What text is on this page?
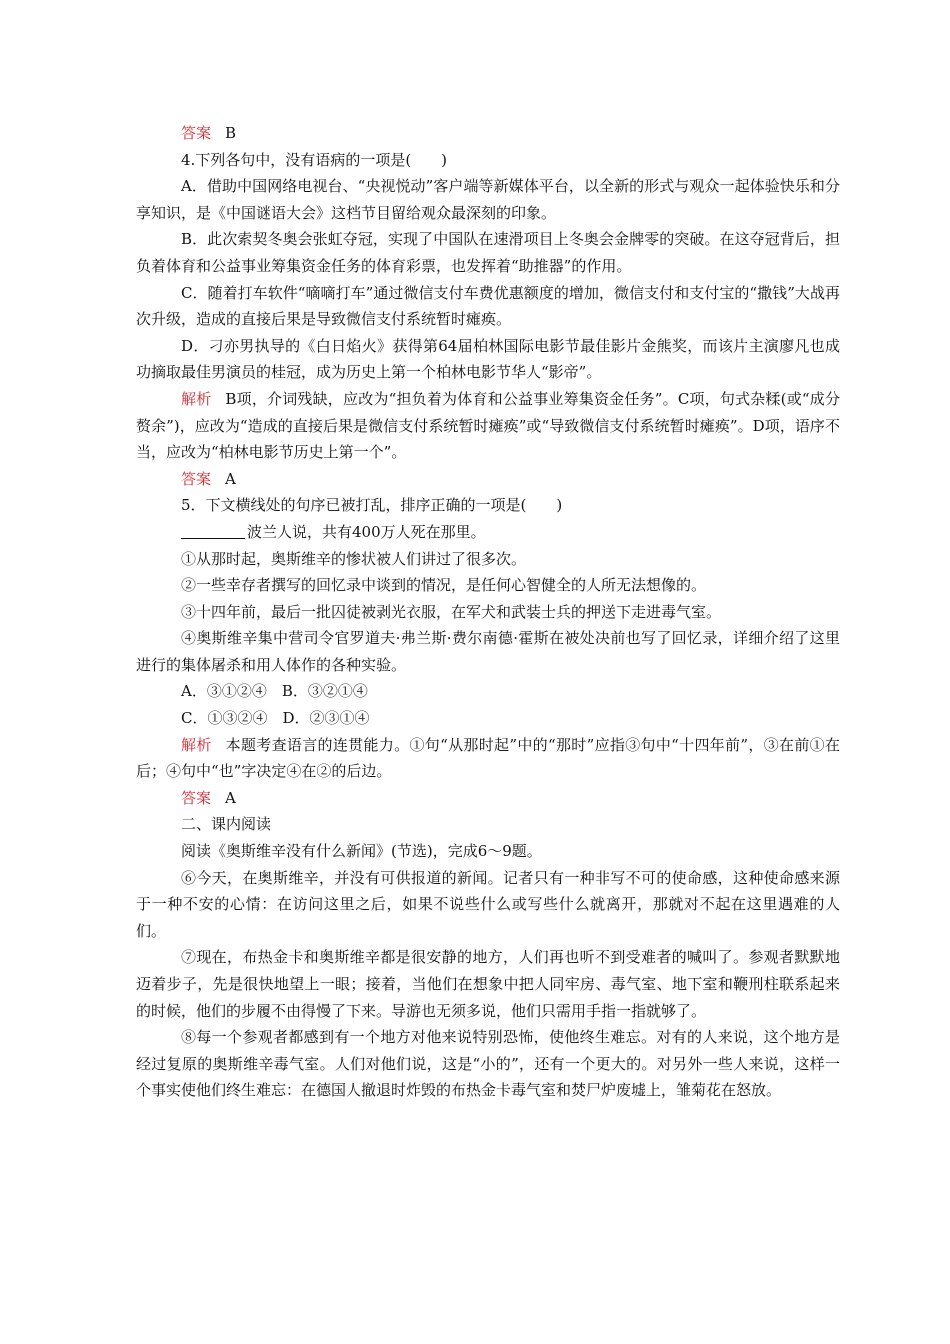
答案 B

4.下列各句中，没有语病的一项是(　　)

A．借助中国网络电视台、“央视悦动”客户端等新媒体平台，以全新的形式与观众一起体验快乐和分享知识，是《中国谜语大会》这档节目留给观众最深刻的印象。

B．此次索契冬奥会张虹夺冠，实现了中国队在速滑项目上冬奥会金牌零的突破。在这夺冠背后，担负着体育和公益事业筹集资金任务的体育彩票，也发挥着“助推器”的作用。

C．随着打车软件“嘀嘀打车”通过微信支付车费优惠额度的增加，微信支付和支付宝的“撒钱”大战再次升级，造成的直接后果是导致微信支付系统暂时瘫痪。

D．刁亦男执导的《白日焰火》获得第64届柏林国际电影节最佳影片金熊奖，而该片主演廖凡也成功摘取最佳男演员的桂冠，成为历史上第一个柏林电影节华人“影帝”。

解析 B项，介词残缺，应改为“担负着为体育和公益事业筹集资金任务”。C项，句式杂糅(或“成分赘余”)，应改为“造成的直接后果是微信支付系统暂时瘫痪”或“导致微信支付系统暂时瘫痪”。D项，语序不当，应改为“柏林电影节历史上第一个”。

答案 A

5．下文横线处的句序已被打乱，排序正确的一项是(　　)

波兰人说，共有400万人死在那里。

①从那时起，奥斯维辛的惨状被人们讲过了很多次。

②一些幸存者撰写的回忆录中谈到的情况，是任何心智健全的人所无法想像的。

③十四年前，最后一批囚徒被剥光衣服，在军犬和武装士兵的押送下走进毒气室。

④奥斯维辛集中营司令官罗道夫·弗兰斯·费尔南德·霍斯在被处决前也写了回忆录，详细介绍了这里进行的集体屠杀和用人体作的各种实验。

A．③①②④　B．③②①④

C．①③②④　D．②③①④

解析 本题考查语言的连贯能力。①句“从那时起”中的“那时”应指③句中“十四年前”，③在前①在后；④句中“也”字决定④在②的后边。

答案 A

二、课内阅读

阅读《奥斯维辛没有什么新闻》(节选)，完成6～9题。

⑥今天，在奥斯维辛，并没有可供报道的新闻。记者只有一种非写不可的使命感，这种使命感来源于一种不安的心情：在访问这里之后，如果不说些什么或写些什么就离开，那就对不起在这里遇难的人们。

⑦现在，布热金卡和奥斯维辛都是很安静的地方，人们再也听不到受难者的喊叫了。参观者默默地迈着步子，先是很快地望上一眼；接着，当他们在想象中把人同牢房、毒气室、地下室和鞭刑柱联系起来的时候，他们的步履不由得慢了下来。导游也无须多说，他们只需用手指一指就够了。

⑧每一个参观者都感到有一个地方对他来说特别恐怖，使他终生难忘。对有的人来说，这个地方是经过复原的奥斯维辛毒气室。人们对他们说，这是“小的”，还有一个更大的。对另外一些人来说，这样一个事实使他们终生难忘：在德国人撤退时炸毁的布热金卡毒气室和焚尸炉废墟上，雏菊花在怒放。
